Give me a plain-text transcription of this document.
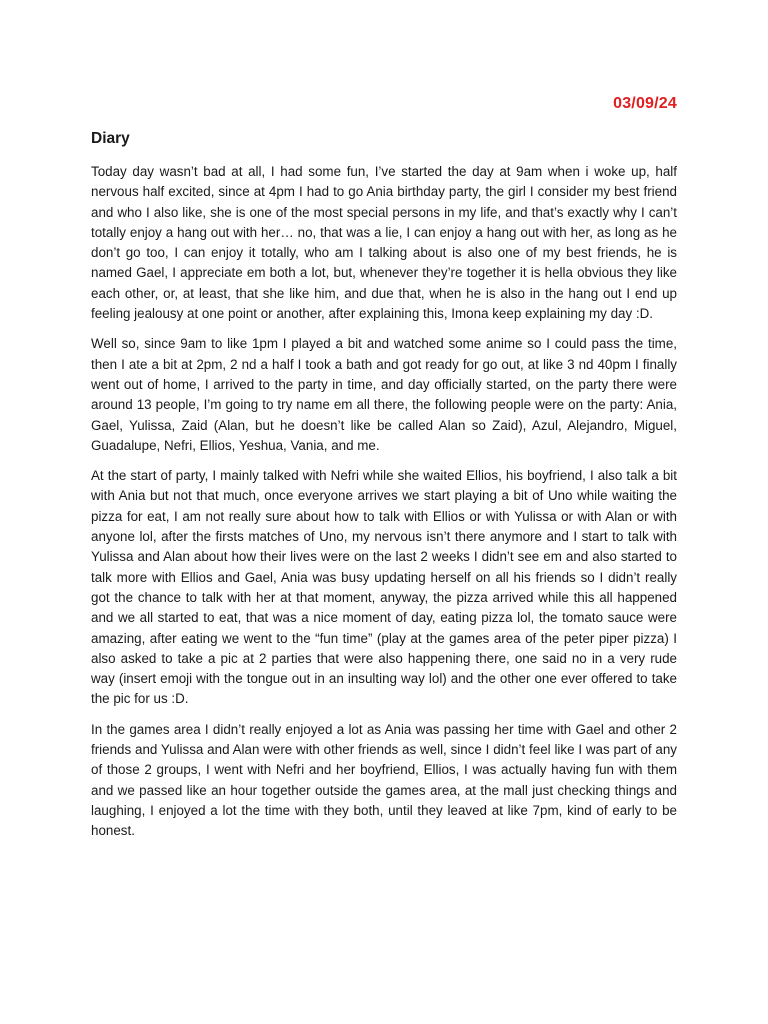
03/09/24
Diary

Today day wasn’t bad at all, I had some fun, I’ve started the day at 9am when i woke up, half nervous half excited, since at 4pm I had to go Ania birthday party, the girl I consider my best friend and who I also like, she is one of the most special persons in my life, and that’s exactly why I can’t totally enjoy a hang out with her… no, that was a lie, I can enjoy a hang out with her, as long as he don’t go too, I can enjoy it totally, who am I talking about is also one of my best friends, he is named Gael, I appreciate em both a lot, but, whenever they’re together it is hella obvious they like each other, or, at least, that she like him, and due that, when he is also in the hang out I end up feeling jealousy at one point or another, after explaining this, Imona keep explaining my day :D.

Well so, since 9am to like 1pm I played a bit and watched some anime so I could pass the time, then I ate a bit at 2pm, 2 nd a half I took a bath and got ready for go out, at like 3 nd 40pm I finally went out of home, I arrived to the party in time, and day officially started, on the party there were around 13 people, I’m going to try name em all there, the following people were on the party: Ania, Gael, Yulissa, Zaid (Alan, but he doesn’t like be called Alan so Zaid), Azul, Alejandro, Miguel, Guadalupe, Nefri, Ellios, Yeshua, Vania, and me.

At the start of party, I mainly talked with Nefri while she waited Ellios, his boyfriend, I also talk a bit with Ania but not that much, once everyone arrives we start playing a bit of Uno while waiting the pizza for eat, I am not really sure about how to talk with Ellios or with Yulissa or with Alan or with anyone lol, after the firsts matches of Uno, my nervous isn’t there anymore and I start to talk with Yulissa and Alan about how their lives were on the last 2 weeks I didn’t see em and also started to talk more with Ellios and Gael, Ania was busy updating herself on all his friends so I didn’t really got the chance to talk with her at that moment, anyway, the pizza arrived while this all happened and we all started to eat, that was a nice moment of day, eating pizza lol, the tomato sauce were amazing, after eating we went to the “fun time” (play at the games area of the peter piper pizza) I also asked to take a pic at 2 parties that were also happening there, one said no in a very rude way (insert emoji with the tongue out in an insulting way lol) and the other one ever offered to take the pic for us :D.

In the games area I didn’t really enjoyed a lot as Ania was passing her time with Gael and other 2 friends and Yulissa and Alan were with other friends as well, since I didn’t feel like I was part of any of those 2 groups, I went with Nefri and her boyfriend, Ellios, I was actually having fun with them and we passed like an hour together outside the games area, at the mall just checking things and laughing, I enjoyed a lot the time with they both, until they leaved at like 7pm, kind of early to be honest.
